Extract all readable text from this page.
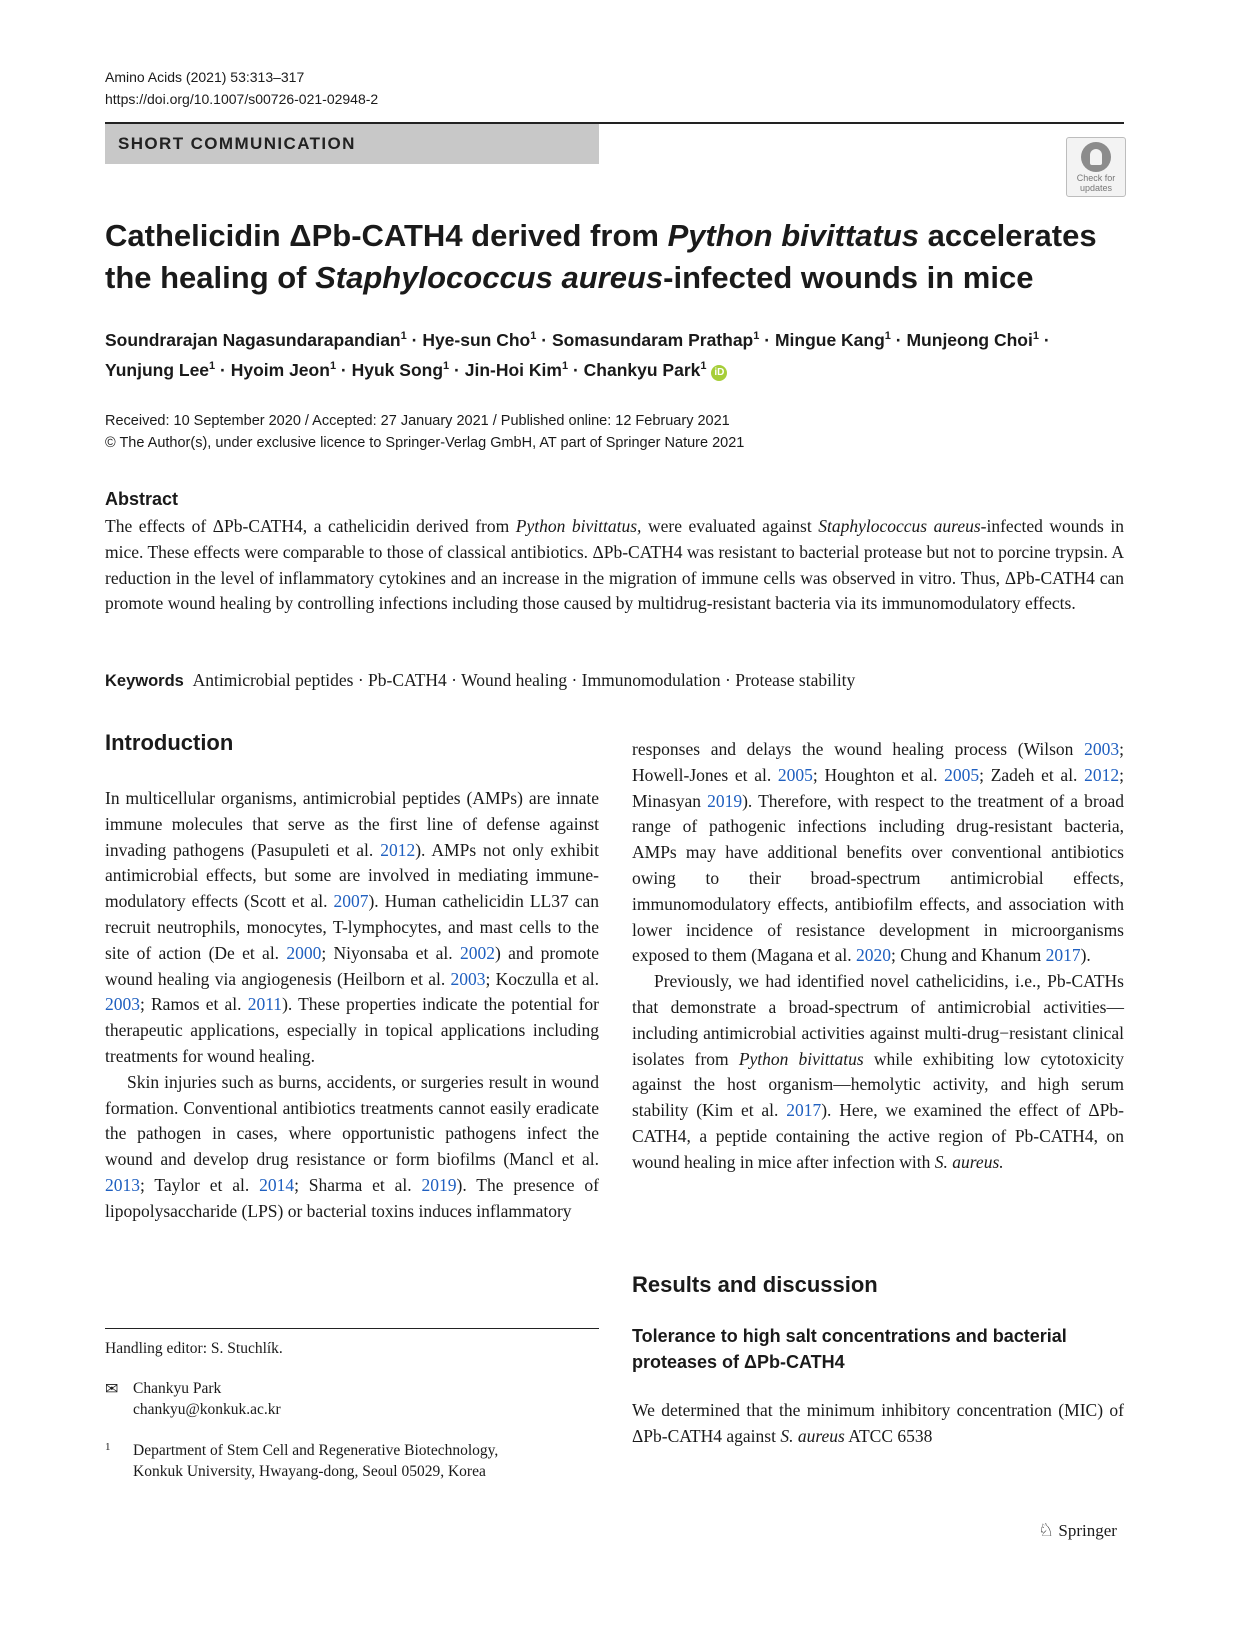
Amino Acids (2021) 53:313–317
https://doi.org/10.1007/s00726-021-02948-2
SHORT COMMUNICATION
Check for updates
Cathelicidin ΔPb-CATH4 derived from Python bivittatus accelerates
the healing of Staphylococcus aureus-infected wounds in mice
Soundrarajan Nagasundarapandian$^1$ · Hye-sun Cho$^1$ · Somasundaram Prathap$^1$ · Mingue Kang$^1$ · Munjeong Choi$^1$ ·
Yunjung Lee$^1$ · Hyoim Jeon$^1$ · Hyuk Song$^1$ · Jin-Hoi Kim$^1$ · Chankyu Park$^1$ iD
Received: 10 September 2020 / Accepted: 27 January 2021 / Published online: 12 February 2021
© The Author(s), under exclusive licence to Springer-Verlag GmbH, AT part of Springer Nature 2021
Abstract
The effects of ΔPb-CATH4, a cathelicidin derived from Python bivittatus, were evaluated against Staphylococcus aureus-infected wounds in mice. These effects were comparable to those of classical antibiotics. ΔPb-CATH4 was resistant to bacterial protease but not to porcine trypsin. A reduction in the level of inflammatory cytokines and an increase in the migration of immune cells was observed in vitro. Thus, ΔPb-CATH4 can promote wound healing by controlling infections including those caused by multidrug-resistant bacteria via its immunomodulatory effects.
Keywords Antimicrobial peptides · Pb-CATH4 · Wound healing · Immunomodulation · Protease stability
Introduction

In multicellular organisms, antimicrobial peptides (AMPs) are innate immune molecules that serve as the first line of defense against invading pathogens (Pasupuleti et al. 2012). AMPs not only exhibit antimicrobial effects, but some are involved in mediating immune-modulatory effects (Scott et al. 2007). Human cathelicidin LL37 can recruit neutrophils, monocytes, T-lymphocytes, and mast cells to the site of action (De et al. 2000; Niyonsaba et al. 2002) and promote wound healing via angiogenesis (Heilborn et al. 2003; Koczulla et al. 2003; Ramos et al. 2011). These properties indicate the potential for therapeutic applications, especially in topical applications including treatments for wound healing.

Skin injuries such as burns, accidents, or surgeries result in wound formation. Conventional antibiotics treatments cannot easily eradicate the pathogen in cases, where opportunistic pathogens infect the wound and develop drug resistance or form biofilms (Mancl et al. 2013; Taylor et al. 2014; Sharma et al. 2019). The presence of lipopolysaccharide (LPS) or bacterial toxins induces inflammatory

Handling editor: S. Stuchlík.
✉ Chankyu Park
chankyu@konkuk.ac.kr
1 Department of Stem Cell and Regenerative Biotechnology,
Konkuk University, Hwayang-dong, Seoul 05029, Korea

responses and delays the wound healing process (Wilson 2003; Howell-Jones et al. 2005; Houghton et al. 2005; Zadeh et al. 2012; Minasyan 2019). Therefore, with respect to the treatment of a broad range of pathogenic infections including drug-resistant bacteria, AMPs may have additional benefits over conventional antibiotics owing to their broad-spectrum antimicrobial effects, immunomodulatory effects, antibiofilm effects, and association with lower incidence of resistance development in microorganisms exposed to them (Magana et al. 2020; Chung and Khanum 2017).

Previously, we had identified novel cathelicidins, i.e., Pb-CATHs that demonstrate a broad-spectrum of antimicrobial activities—including antimicrobial activities against multi-drug−resistant clinical isolates from Python bivittatus while exhibiting low cytotoxicity against the host organism—hemolytic activity, and high serum stability (Kim et al. 2017). Here, we examined the effect of ΔPb-CATH4, a peptide containing the active region of Pb-CATH4, on wound healing in mice after infection with S. aureus.

Results and discussion
Tolerance to high salt concentrations and bacterial proteases of ΔPb-CATH4

We determined that the minimum inhibitory concentration (MIC) of ΔPb-CATH4 against S. aureus ATCC 6538

♘ Springer
